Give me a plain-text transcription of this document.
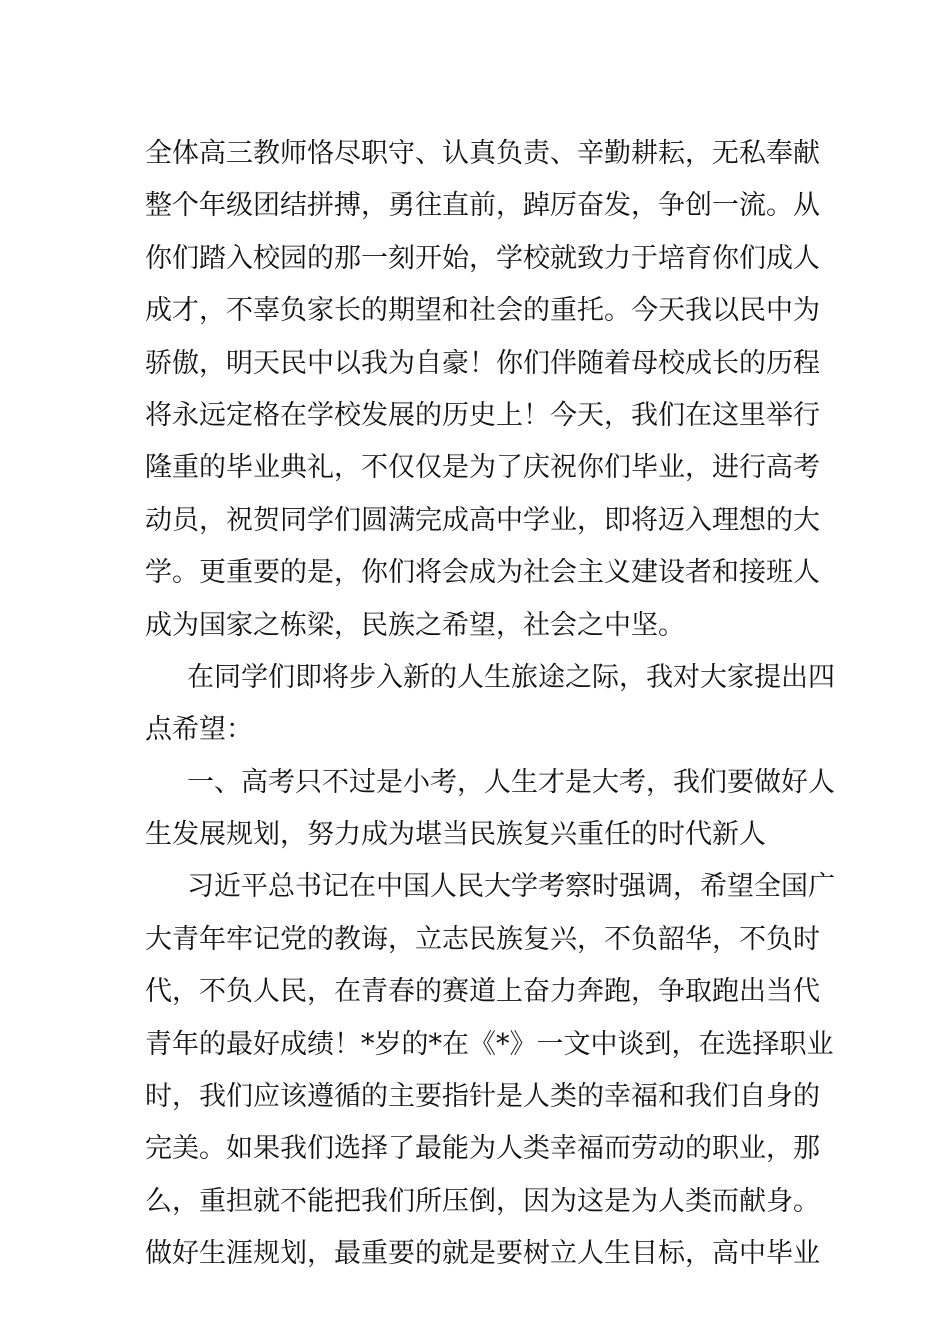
全体高三教师恪尽职守、认真负责、辛勤耕耘，无私奉献
整个年级团结拼搏，勇往直前，踔厉奋发，争创一流。从
你们踏入校园的那一刻开始，学校就致力于培育你们成人
成才，不辜负家长的期望和社会的重托。今天我以民中为
骄傲，明天民中以我为自豪！你们伴随着母校成长的历程
将永远定格在学校发展的历史上！今天，我们在这里举行
隆重的毕业典礼，不仅仅是为了庆祝你们毕业，进行高考
动员，祝贺同学们圆满完成高中学业，即将迈入理想的大
学。更重要的是，你们将会成为社会主义建设者和接班人
成为国家之栋梁，民族之希望，社会之中坚。
在同学们即将步入新的人生旅途之际，我对大家提出四
点希望：
一、高考只不过是小考，人生才是大考，我们要做好人
生发展规划，努力成为堪当民族复兴重任的时代新人
习近平总书记在中国人民大学考察时强调，希望全国广
大青年牢记党的教诲，立志民族复兴，不负韶华，不负时
代，不负人民，在青春的赛道上奋力奔跑，争取跑出当代
青年的最好成绩！*岁的*在《*》一文中谈到，在选择职业
时，我们应该遵循的主要指针是人类的幸福和我们自身的
完美。如果我们选择了最能为人类幸福而劳动的职业，那
么，重担就不能把我们所压倒，因为这是为人类而献身。
做好生涯规划，最重要的就是要树立人生目标，高中毕业
